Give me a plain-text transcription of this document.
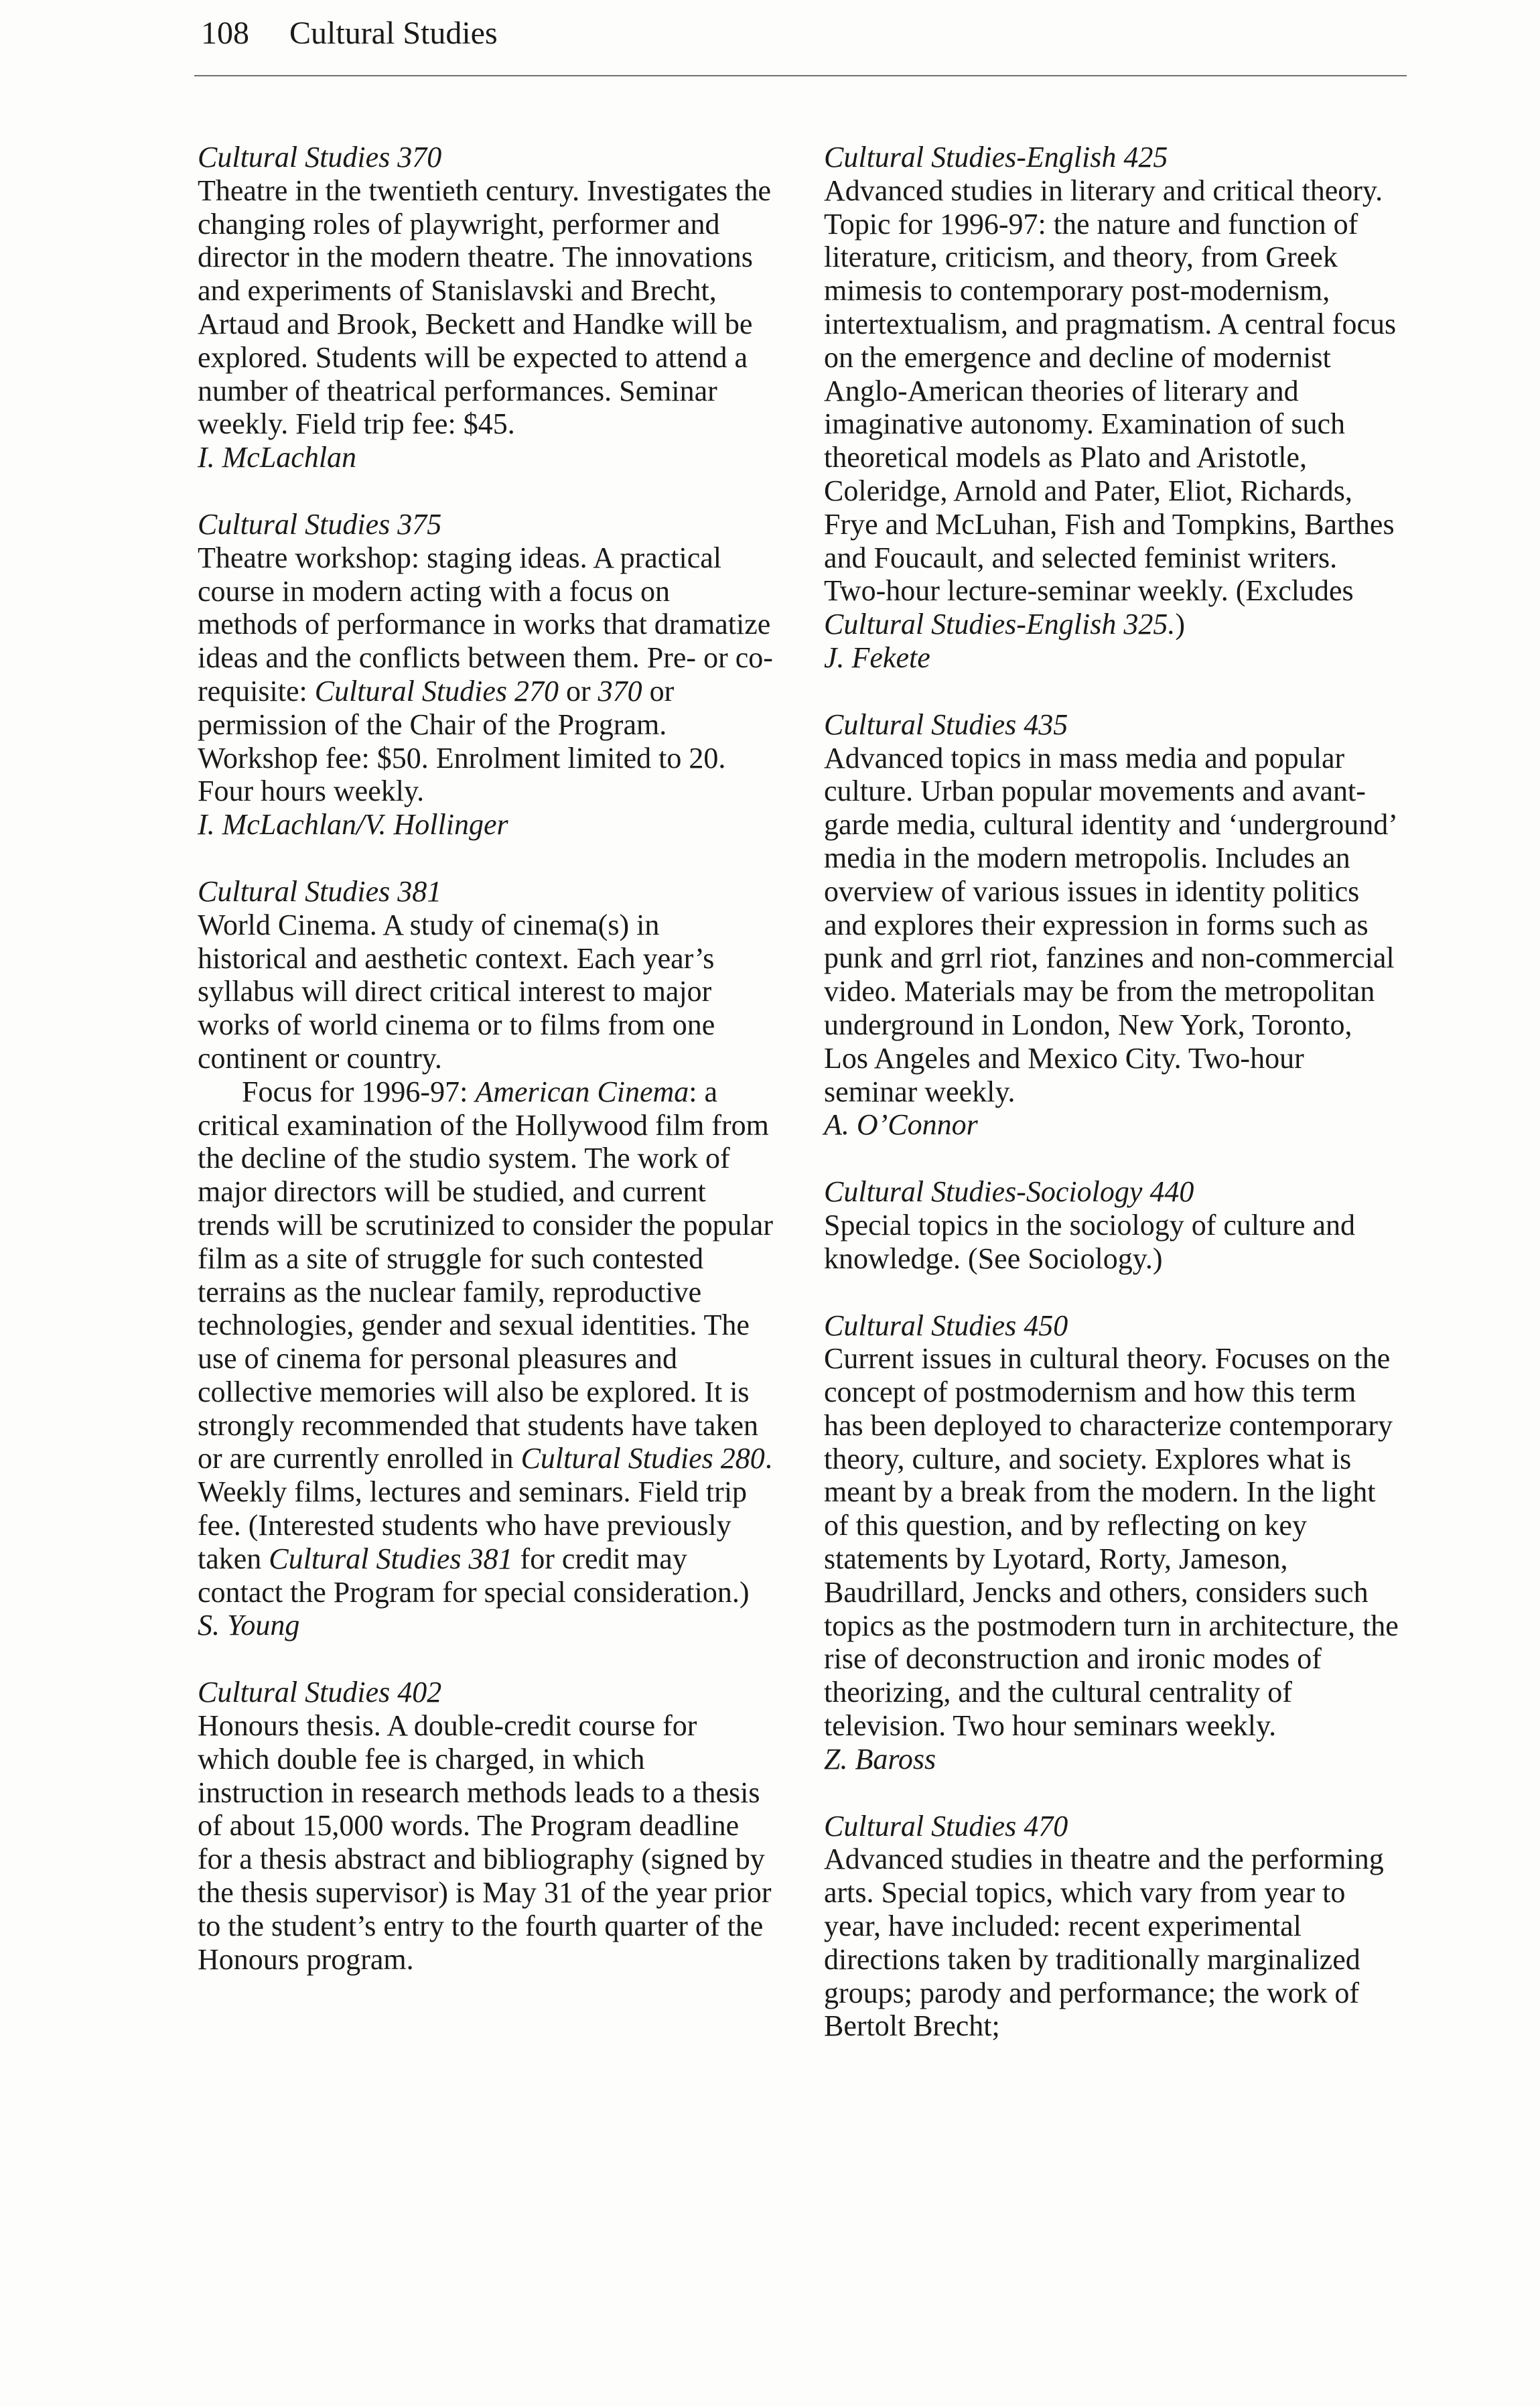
108 Cultural Studies
Cultural Studies 370

Theatre in the twentieth century. Investigates the changing roles of playwright, performer and director in the modern theatre. The innovations and experiments of Stanislavski and Brecht, Artaud and Brook, Beckett and Handke will be explored. Students will be expected to attend a number of theatrical performances. Seminar weekly. Field trip fee: $45.
I. McLachlan
Cultural Studies 375

Theatre workshop: staging ideas. A practical course in modern acting with a focus on methods of performance in works that dramatize ideas and the conflicts between them. Pre- or co-requisite: Cultural Studies 270 or 370 or permission of the Chair of the Program. Workshop fee: $50. Enrolment limited to 20. Four hours weekly.
I. McLachlan/V. Hollinger
Cultural Studies 381

World Cinema. A study of cinema(s) in historical and aesthetic context. Each year’s syllabus will direct critical interest to major works of world cinema or to films from one continent or country.
Focus for 1996-97: American Cinema: a critical examination of the Hollywood film from the decline of the studio system. The work of major directors will be studied, and current trends will be scrutinized to consider the popular film as a site of struggle for such contested terrains as the nuclear family, reproductive technologies, gender and sexual identities. The use of cinema for personal pleasures and collective memories will also be explored. It is strongly recommended that students have taken or are currently enrolled in Cultural Studies 280. Weekly films, lectures and seminars. Field trip fee. (Interested students who have previously taken Cultural Studies 381 for credit may contact the Program for special consideration.)
S. Young
Cultural Studies 402

Honours thesis. A double-credit course for which double fee is charged, in which instruction in research methods leads to a thesis of about 15,000 words. The Program deadline for a thesis abstract and bibliography (signed by the thesis supervisor) is May 31 of the year prior to the student’s entry to the fourth quarter of the Honours program.
Cultural Studies-English 425

Advanced studies in literary and critical theory. Topic for 1996-97: the nature and function of literature, criticism, and theory, from Greek mimesis to contemporary post-modernism, intertextualism, and pragmatism. A central focus on the emergence and decline of modernist Anglo-American theories of literary and imaginative autonomy. Examination of such theoretical models as Plato and Aristotle, Coleridge, Arnold and Pater, Eliot, Richards, Frye and McLuhan, Fish and Tompkins, Barthes and Foucault, and selected feminist writers. Two-hour lecture-seminar weekly. (Excludes Cultural Studies-English 325.)
J. Fekete
Cultural Studies 435

Advanced topics in mass media and popular culture. Urban popular movements and avant-garde media, cultural identity and ‘underground’ media in the modern metropolis. Includes an overview of various issues in identity politics and explores their expression in forms such as punk and grrl riot, fanzines and non-commercial video. Materials may be from the metropolitan underground in London, New York, Toronto, Los Angeles and Mexico City. Two-hour seminar weekly.
A. O’Connor
Cultural Studies-Sociology 440

Special topics in the sociology of culture and knowledge. (See Sociology.)
Cultural Studies 450

Current issues in cultural theory. Focuses on the concept of postmodernism and how this term has been deployed to characterize contemporary theory, culture, and society. Explores what is meant by a break from the modern. In the light of this question, and by reflecting on key statements by Lyotard, Rorty, Jameson, Baudrillard, Jencks and others, considers such topics as the postmodern turn in architecture, the rise of deconstruction and ironic modes of theorizing, and the cultural centrality of television. Two hour seminars weekly.
Z. Baross
Cultural Studies 470

Advanced studies in theatre and the performing arts. Special topics, which vary from year to year, have included: recent experimental directions taken by traditionally marginalized groups; parody and performance; the work of Bertolt Brecht;
